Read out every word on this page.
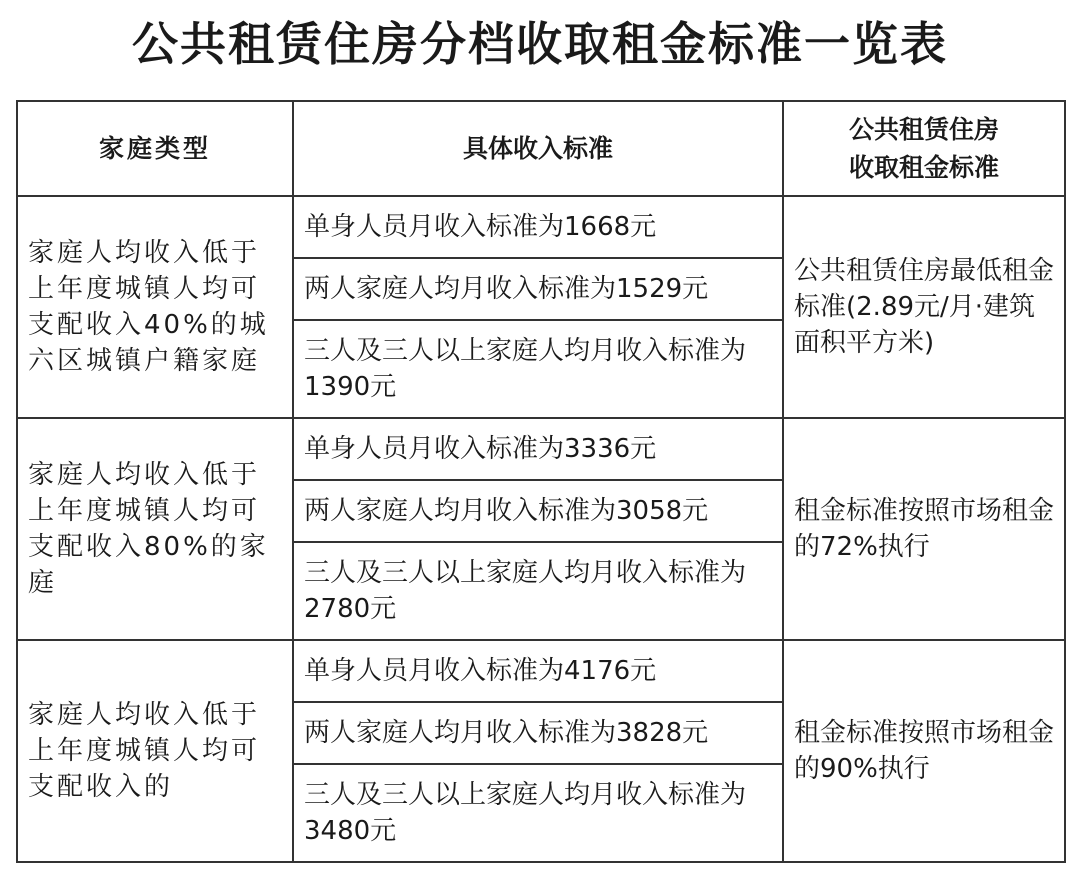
公共租赁住房分档收取租金标准一览表
家庭类型	具体收入标准	公共租赁住房
收取租金标准
家庭人均收入低于上年度城镇人均可支配收入40%的城六区城镇户籍家庭	单身人员月收入标准为1668元	公共租赁住房最低租金标准(2.89元/月·建筑面积平方米)
	两人家庭人均月收入标准为1529元	
	三人及三人以上家庭人均月收入标准为1390元	
家庭人均收入低于上年度城镇人均可支配收入80%的家庭	单身人员月收入标准为3336元	租金标准按照市场租金的72%执行
	两人家庭人均月收入标准为3058元	
	三人及三人以上家庭人均月收入标准为2780元	
家庭人均收入低于上年度城镇人均可支配收入的	单身人员月收入标准为4176元	租金标准按照市场租金的90%执行
	两人家庭人均月收入标准为3828元	
	三人及三人以上家庭人均月收入标准为3480元	
